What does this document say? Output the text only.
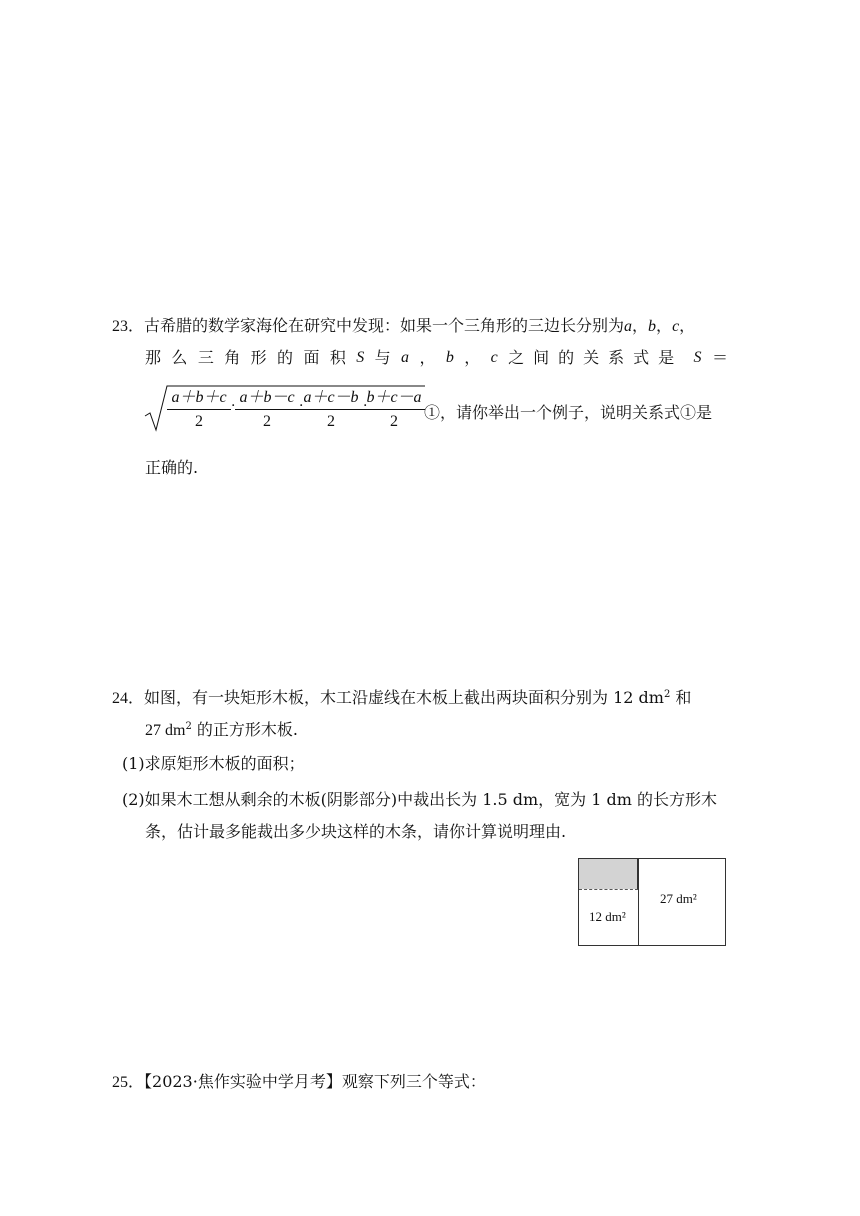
23．古希腊的数学家海伦在研究中发现：如果一个三角形的三边长分别为a，b，c，
那 么 三 角 形 的 面 积 S 与 a ， b ， c 之间的关系式是 S ＝
a＋b＋c
2
· a＋b－c
2
· a＋c－b
2
·
b＋c－a
2	①，请你举出一个例子，说明关系式①是
正确的.
24．如图，有一块矩形木板，木工沿虚线在木板上截出两块面积分别为 12 $dm^2$ 和
27 $dm^2$ 的正方形木板.
(1)求原矩形木板的面积；
(2)如果木工想从剩余的木板(阴影部分)中裁出长为 1.5 dm，宽为 1 dm 的长方形木
条，估计最多能裁出多少块这样的木条，请你计算说明理由.
12 dm²
27 dm²
25．【2023·焦作实验中学月考】观察下列三个等式：
